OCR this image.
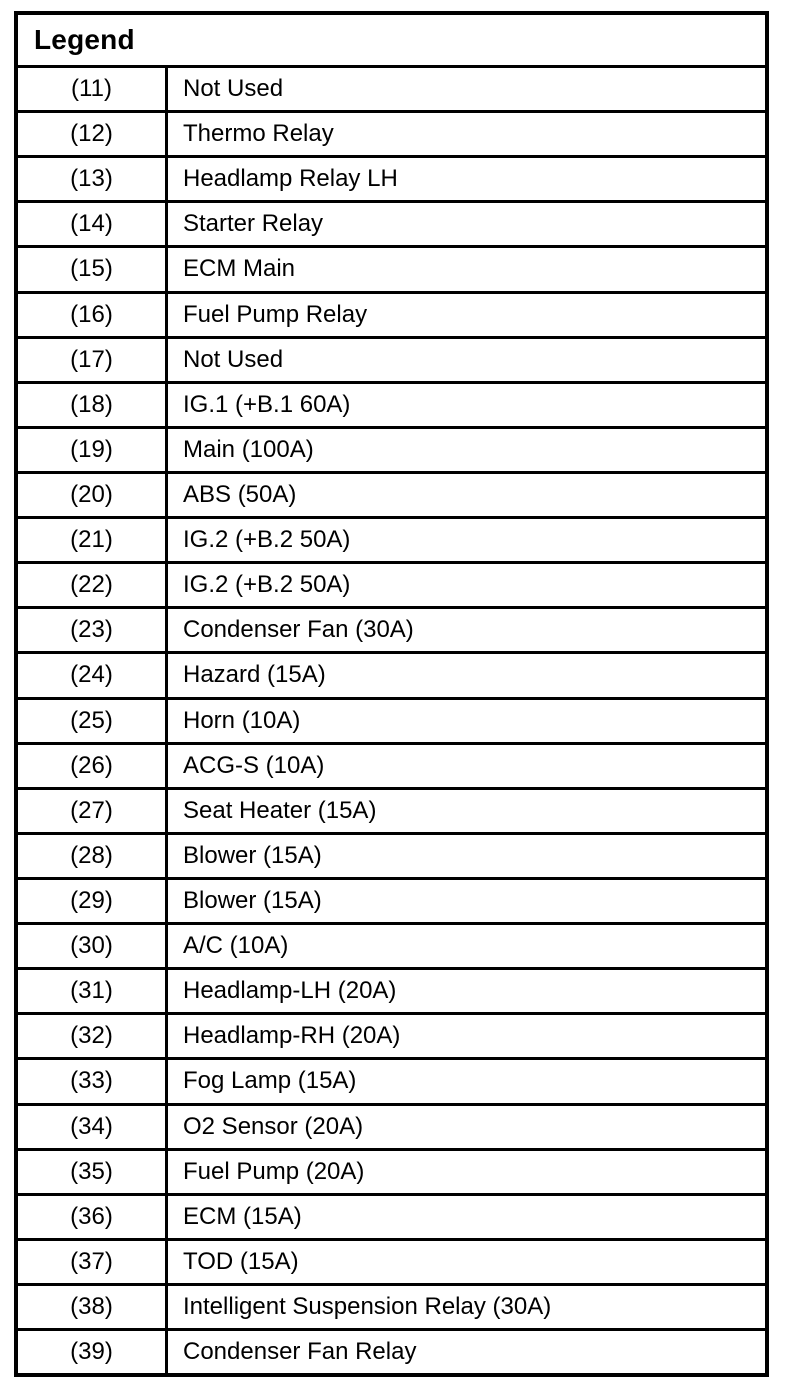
Legend
(11)	Not Used
(12)	Thermo Relay
(13)	Headlamp Relay LH
(14)	Starter Relay
(15)	ECM Main
(16)	Fuel Pump Relay
(17)	Not Used
(18)	IG.1 (+B.1 60A)
(19)	Main (100A)
(20)	ABS (50A)
(21)	IG.2 (+B.2 50A)
(22)	IG.2 (+B.2 50A)
(23)	Condenser Fan (30A)
(24)	Hazard (15A)
(25)	Horn (10A)
(26)	ACG-S (10A)
(27)	Seat Heater (15A)
(28)	Blower (15A)
(29)	Blower (15A)
(30)	A/C (10A)
(31)	Headlamp-LH (20A)
(32)	Headlamp-RH (20A)
(33)	Fog Lamp (15A)
(34)	O2 Sensor (20A)
(35)	Fuel Pump (20A)
(36)	ECM (15A)
(37)	TOD (15A)
(38)	Intelligent Suspension Relay (30A)
(39)	Condenser Fan Relay
